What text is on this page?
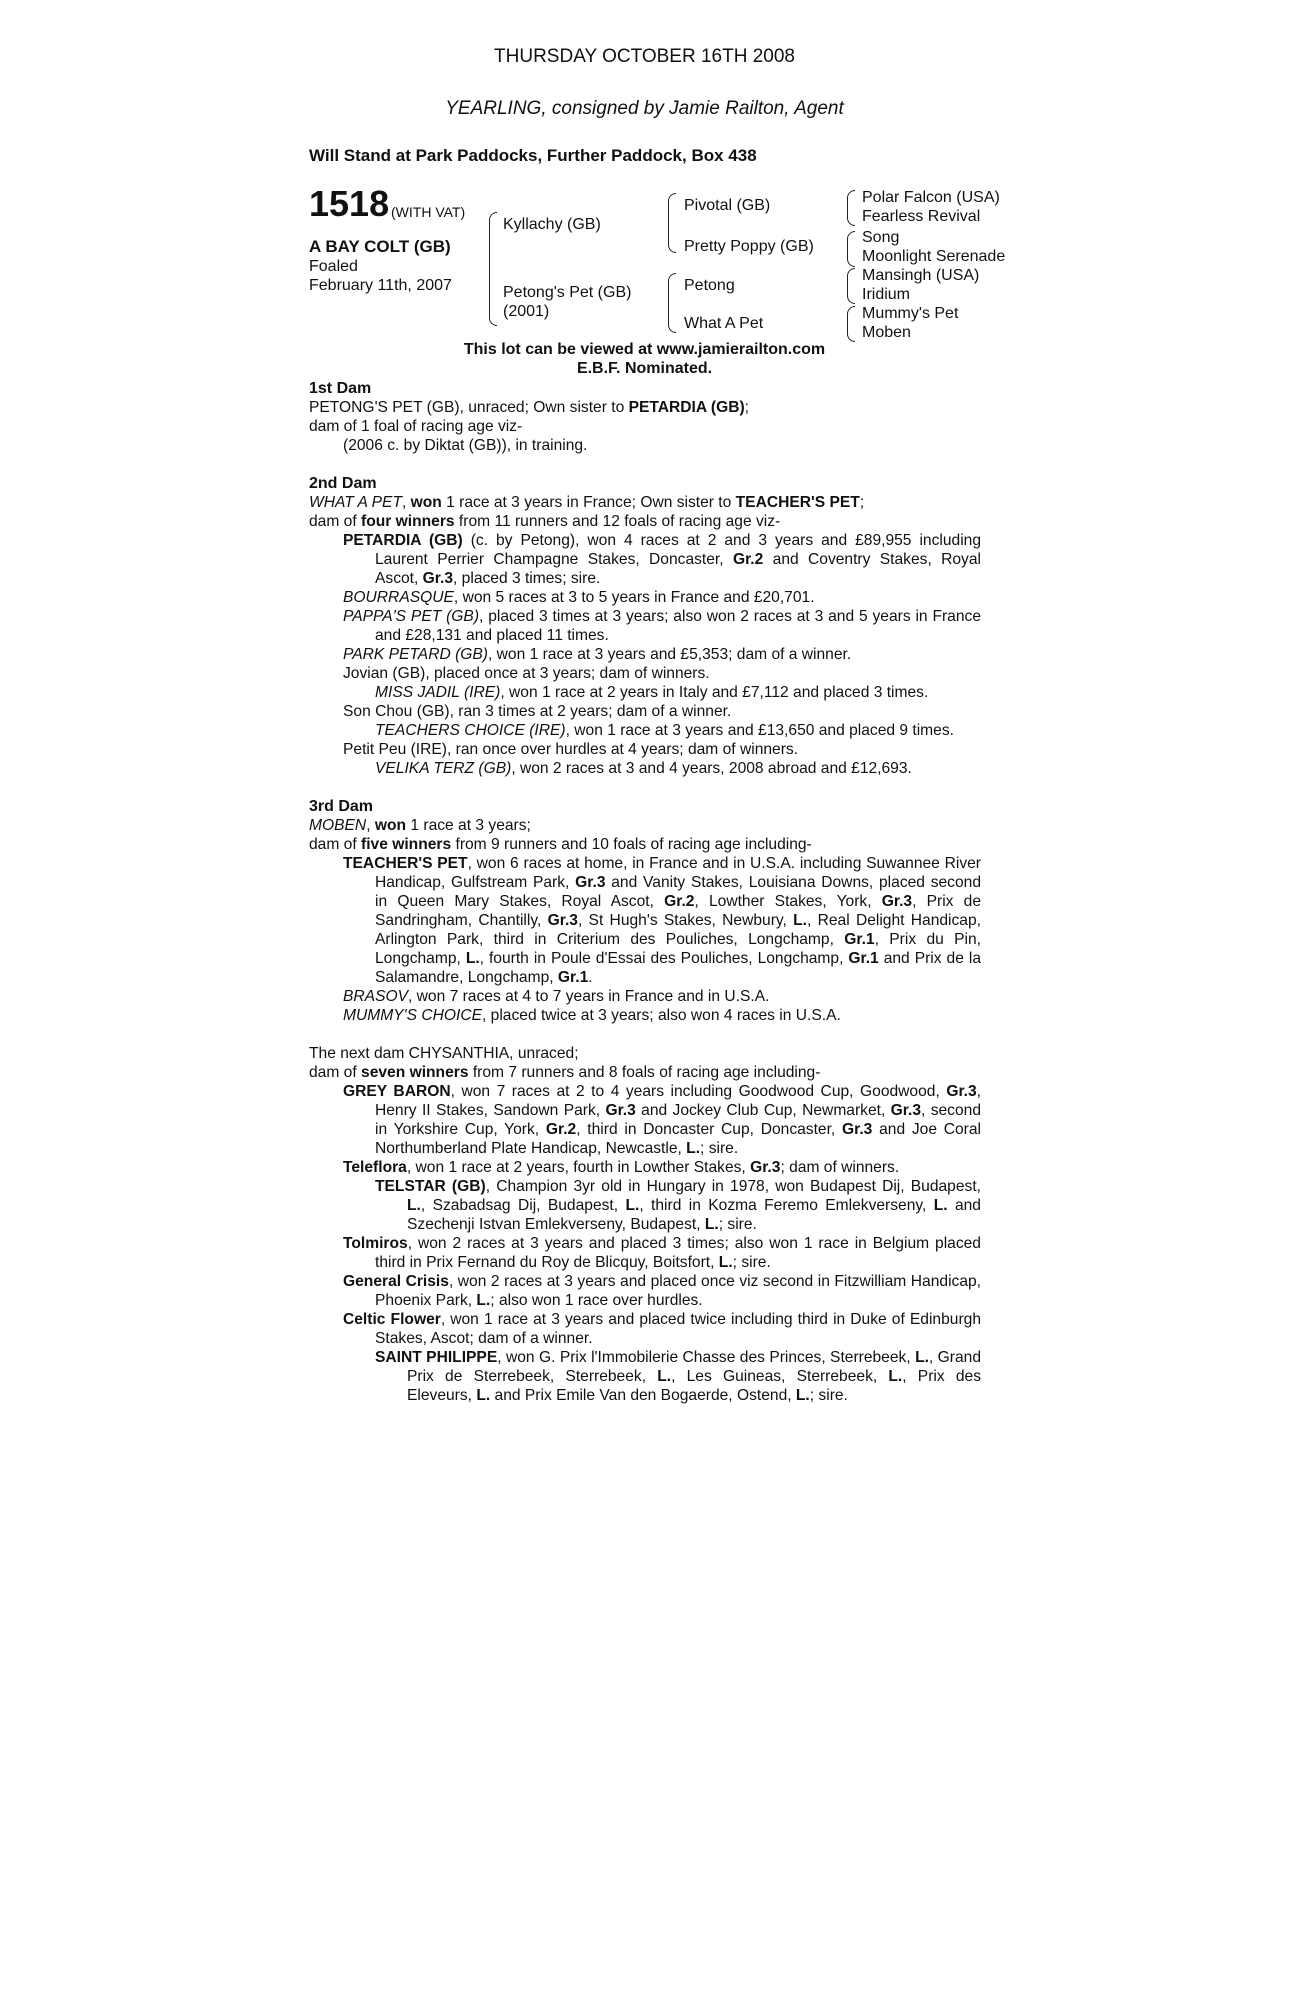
THURSDAY OCTOBER 16TH 2008
YEARLING, consigned by Jamie Railton, Agent
Will Stand at Park Paddocks, Further Paddock, Box 438
1518 (WITH VAT)
A BAY COLT (GB)
Foaled
February 11th, 2007
Kyllachy (GB)
Petong's Pet (GB)
(2001)
Pivotal (GB)
Pretty Poppy (GB)
Petong
What A Pet
Polar Falcon (USA)
Fearless Revival
Song
Moonlight Serenade
Mansingh (USA)
Iridium
Mummy's Pet
Moben
This lot can be viewed at www.jamierailton.com
E.B.F. Nominated.
1st Dam

PETONG'S PET (GB), unraced; Own sister to PETARDIA (GB);

dam of 1 foal of racing age viz-

(2006 c. by Diktat (GB)), in training.

2nd Dam

WHAT A PET, won 1 race at 3 years in France; Own sister to TEACHER'S PET;

dam of four winners from 11 runners and 12 foals of racing age viz-

PETARDIA (GB) (c. by Petong), won 4 races at 2 and 3 years and £89,955 including Laurent Perrier Champagne Stakes, Doncaster, Gr.2 and Coventry Stakes, Royal Ascot, Gr.3, placed 3 times; sire.

BOURRASQUE, won 5 races at 3 to 5 years in France and £20,701.

PAPPA'S PET (GB), placed 3 times at 3 years; also won 2 races at 3 and 5 years in France and £28,131 and placed 11 times.

PARK PETARD (GB), won 1 race at 3 years and £5,353; dam of a winner.

Jovian (GB), placed once at 3 years; dam of winners.

MISS JADIL (IRE), won 1 race at 2 years in Italy and £7,112 and placed 3 times.

Son Chou (GB), ran 3 times at 2 years; dam of a winner.

TEACHERS CHOICE (IRE), won 1 race at 3 years and £13,650 and placed 9 times.

Petit Peu (IRE), ran once over hurdles at 4 years; dam of winners.

VELIKA TERZ (GB), won 2 races at 3 and 4 years, 2008 abroad and £12,693.

3rd Dam

MOBEN, won 1 race at 3 years;

dam of five winners from 9 runners and 10 foals of racing age including-

TEACHER'S PET, won 6 races at home, in France and in U.S.A. including Suwannee River Handicap, Gulfstream Park, Gr.3 and Vanity Stakes, Louisiana Downs, placed second in Queen Mary Stakes, Royal Ascot, Gr.2, Lowther Stakes, York, Gr.3, Prix de Sandringham, Chantilly, Gr.3, St Hugh's Stakes, Newbury, L., Real Delight Handicap, Arlington Park, third in Criterium des Pouliches, Longchamp, Gr.1, Prix du Pin, Longchamp, L., fourth in Poule d'Essai des Pouliches, Longchamp, Gr.1 and Prix de la Salamandre, Longchamp, Gr.1.

BRASOV, won 7 races at 4 to 7 years in France and in U.S.A.

MUMMY'S CHOICE, placed twice at 3 years; also won 4 races in U.S.A.

The next dam CHYSANTHIA, unraced;

dam of seven winners from 7 runners and 8 foals of racing age including-

GREY BARON, won 7 races at 2 to 4 years including Goodwood Cup, Goodwood, Gr.3, Henry II Stakes, Sandown Park, Gr.3 and Jockey Club Cup, Newmarket, Gr.3, second in Yorkshire Cup, York, Gr.2, third in Doncaster Cup, Doncaster, Gr.3 and Joe Coral Northumberland Plate Handicap, Newcastle, L.; sire.

Teleflora, won 1 race at 2 years, fourth in Lowther Stakes, Gr.3; dam of winners.

TELSTAR (GB), Champion 3yr old in Hungary in 1978, won Budapest Dij, Budapest, L., Szabadsag Dij, Budapest, L., third in Kozma Feremo Emlekverseny, L. and Szechenji Istvan Emlekverseny, Budapest, L.; sire.

Tolmiros, won 2 races at 3 years and placed 3 times; also won 1 race in Belgium placed third in Prix Fernand du Roy de Blicquy, Boitsfort, L.; sire.

General Crisis, won 2 races at 3 years and placed once viz second in Fitzwilliam Handicap, Phoenix Park, L.; also won 1 race over hurdles.

Celtic Flower, won 1 race at 3 years and placed twice including third in Duke of Edinburgh Stakes, Ascot; dam of a winner.

SAINT PHILIPPE, won G. Prix l'Immobilerie Chasse des Princes, Sterrebeek, L., Grand Prix de Sterrebeek, Sterrebeek, L., Les Guineas, Sterrebeek, L., Prix des Eleveurs, L. and Prix Emile Van den Bogaerde, Ostend, L.; sire.
